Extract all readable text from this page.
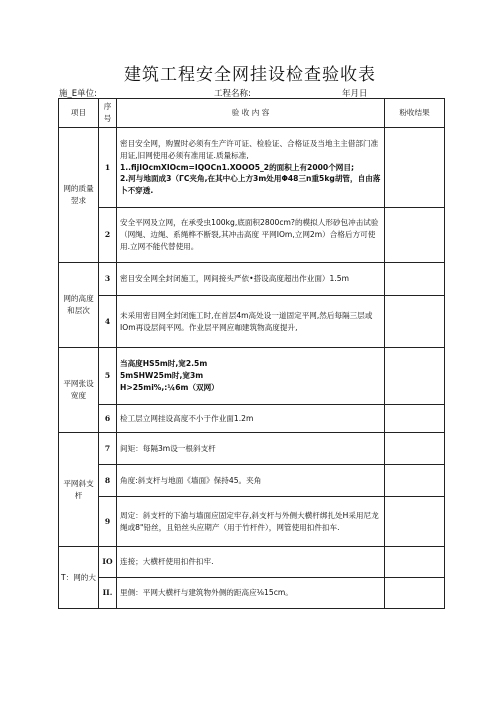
建筑工程安全网挂设检查验收表
施_E单位:	工程名称:	年月日
项目	序号	验 收 内 容	粉收结果
网的质量翌求	1	密目安全网，购置时必须有生产许可证、检验证、合格证及当地主主借部门准用证,旧网使用必须有准用证.质量标准,
1..fijIOcmXIOcm=IQOCn1.XOOO5_2的面积上有2000个网目;
2.河与地面成3（ΓC夹角,在其中心上方3m处用Φ48三n重5kg胡管，自由落卜不穿透.	

	2	安全平网及立网，在承受虫100kg,底面积2800cm?的模拟人形砂包冲击试验（网绳、边绳、系绳桦不断裂,其冲击高度 平网IOm,立网2m）合格后方可使用.立网不能代替使用。	

网的高度和层次	3	密目安全网全封闭施工，网间接头严依•搭设高度超出作业面）1.5m	

	4	未采用密目网全封闭施工时,在首层4m高处设一道固定平网,然后每隔三层或IOm再设层间平网。作业层平网应咖建筑物高度提升,	

平网张设宽度	5	当高度HS5m时,宽2.5m
5mSHW25m时,宽3m
H>25mi%,:¼6m（双网）	

	6	检工层立网挂设高度不小于作业面1.2m	

平网斜支杆	7	间矩：每隔3m设一根斜支杆	

	8	角度:斜支杆与地面《墙面》保持45。夹角	

	9	周定：斜支杆的下渝与墙面应固定牢存,斜支杆与外侧大横杆绑扎处H采用尼龙绳或8"铅丝，且铅丝头应期产（用于竹杆件），网管使用扣件扣车.	

T：网的大	IO	连接；大横杆使用扣件扣牢.	

	II.	里侧：平网大横杆与建筑物外侧的距高应⅛15cm。	
